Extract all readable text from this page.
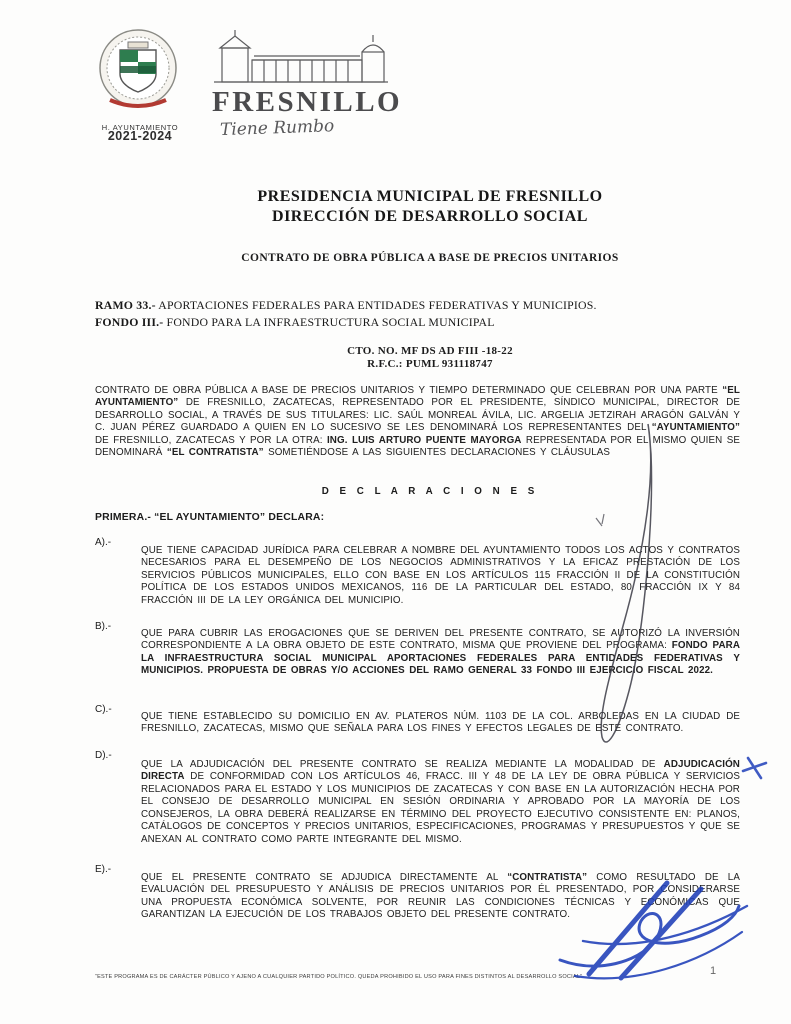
H. AYUNTAMIENTO
2021-2024
FRESNILLO
Tiene Rumbo
PRESIDENCIA MUNICIPAL DE FRESNILLO
DIRECCIÓN DE DESARROLLO SOCIAL
CONTRATO DE OBRA PÚBLICA A BASE DE PRECIOS UNITARIOS
RAMO 33.- APORTACIONES FEDERALES PARA ENTIDADES FEDERATIVAS Y MUNICIPIOS.
FONDO III.- FONDO PARA LA INFRAESTRUCTURA SOCIAL MUNICIPAL
CTO. NO. MF DS AD FIII -18-22
R.F.C.: PUML 931118747
CONTRATO DE OBRA PÚBLICA A BASE DE PRECIOS UNITARIOS Y TIEMPO DETERMINADO QUE CELEBRAN POR UNA PARTE “EL AYUNTAMIENTO” DE FRESNILLO, ZACATECAS, REPRESENTADO POR EL PRESIDENTE, SÍNDICO MUNICIPAL, DIRECTOR DE DESARROLLO SOCIAL, A TRAVÉS DE SUS TITULARES: LIC. SAÚL MONREAL ÁVILA, LIC. ARGELIA JETZIRAH ARAGÓN GALVÁN Y C. JUAN PÉREZ GUARDADO A QUIEN EN LO SUCESIVO SE LES DENOMINARÁ LOS REPRESENTANTES DEL “AYUNTAMIENTO” DE FRESNILLO, ZACATECAS Y POR LA OTRA: ING. LUIS ARTURO PUENTE MAYORGA REPRESENTADA POR EL MISMO QUIEN SE DENOMINARÁ “EL CONTRATISTA” SOMETIÉNDOSE A LAS SIGUIENTES DECLARACIONES Y CLÁUSULAS
D E C L A R A C I O N E S
PRIMERA.- “EL AYUNTAMIENTO” DECLARA:
A).-
QUE TIENE CAPACIDAD JURÍDICA PARA CELEBRAR A NOMBRE DEL AYUNTAMIENTO TODOS LOS ACTOS Y CONTRATOS NECESARIOS PARA EL DESEMPEÑO DE LOS NEGOCIOS ADMINISTRATIVOS Y LA EFICAZ PRESTACIÓN DE LOS SERVICIOS PÚBLICOS MUNICIPALES, ELLO CON BASE EN LOS ARTÍCULOS 115 FRACCIÓN II DE LA CONSTITUCIÓN POLÍTICA DE LOS ESTADOS UNIDOS MEXICANOS, 116 DE LA PARTICULAR DEL ESTADO, 80 FRACCIÓN IX Y 84 FRACCIÓN III DE LA LEY ORGÁNICA DEL MUNICIPIO.
B).-
QUE PARA CUBRIR LAS EROGACIONES QUE SE DERIVEN DEL PRESENTE CONTRATO, SE AUTORIZÓ LA INVERSIÓN CORRESPONDIENTE A LA OBRA OBJETO DE ESTE CONTRATO, MISMA QUE PROVIENE DEL PROGRAMA: FONDO PARA LA INFRAESTRUCTURA SOCIAL MUNICIPAL APORTACIONES FEDERALES PARA ENTIDADES FEDERATIVAS Y MUNICIPIOS. PROPUESTA DE OBRAS Y/O ACCIONES DEL RAMO GENERAL 33 FONDO III EJERCICIO FISCAL 2022.
C).-
QUE TIENE ESTABLECIDO SU DOMICILIO EN AV. PLATEROS NÚM. 1103 DE LA COL. ARBOLEDAS EN LA CIUDAD DE FRESNILLO, ZACATECAS, MISMO QUE SEÑALA PARA LOS FINES Y EFECTOS LEGALES DE ESTE CONTRATO.
D).-
QUE LA ADJUDICACIÓN DEL PRESENTE CONTRATO SE REALIZA MEDIANTE LA MODALIDAD DE ADJUDICACIÓN DIRECTA DE CONFORMIDAD CON LOS ARTÍCULOS 46, FRACC. III Y 48 DE LA LEY DE OBRA PÚBLICA Y SERVICIOS RELACIONADOS PARA EL ESTADO Y LOS MUNICIPIOS DE ZACATECAS Y CON BASE EN LA AUTORIZACIÓN HECHA POR EL CONSEJO DE DESARROLLO MUNICIPAL EN SESIÓN ORDINARIA Y APROBADO POR LA MAYORÍA DE LOS CONSEJEROS, LA OBRA DEBERÁ REALIZARSE EN TÉRMINO DEL PROYECTO EJECUTIVO CONSISTENTE EN: PLANOS, CATÁLOGOS DE CONCEPTOS Y PRECIOS UNITARIOS, ESPECIFICACIONES, PROGRAMAS Y PRESUPUESTOS Y QUE SE ANEXAN AL CONTRATO COMO PARTE INTEGRANTE DEL MISMO.
E).-
QUE EL PRESENTE CONTRATO SE ADJUDICA DIRECTAMENTE AL “CONTRATISTA” COMO RESULTADO DE LA EVALUACIÓN DEL PRESUPUESTO Y ANÁLISIS DE PRECIOS UNITARIOS POR ÉL PRESENTADO, POR CONSIDERARSE UNA PROPUESTA ECONÓMICA SOLVENTE, POR REUNIR LAS CONDICIONES TÉCNICAS Y ECONÓMICAS QUE GARANTIZAN LA EJECUCIÓN DE LOS TRABAJOS OBJETO DEL PRESENTE CONTRATO.
“ESTE PROGRAMA ES DE CARÁCTER PÚBLICO Y AJENO A CUALQUIER PARTIDO POLÍTICO. QUEDA PROHIBIDO EL USO PARA FINES DISTINTOS AL DESARROLLO SOCIAL”	1
